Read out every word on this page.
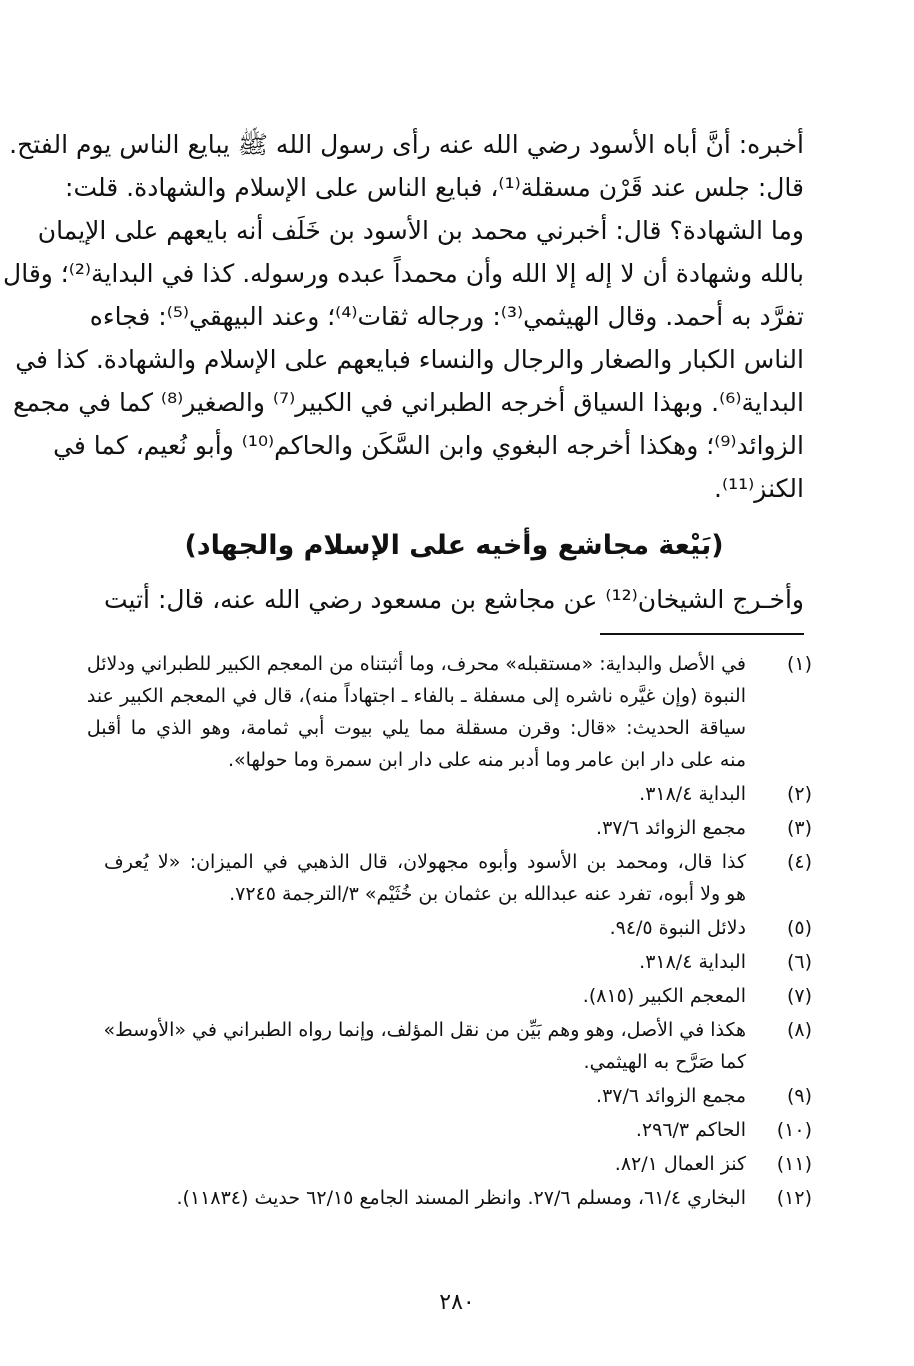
أخبره: أنَّ أباه الأسود رضي الله عنه رأى رسول الله ﷺ يبايع الناس يوم الفتح.
قال: جلس عند قَرْن مسقلة⁽¹⁾، فبايع الناس على الإسلام والشهادة. قلت:
وما الشهادة؟ قال: أخبرني محمد بن الأسود بن خَلَف أنه بايعهم على الإيمان
بالله وشهادة أن لا إله إلا الله وأن محمداً عبده ورسوله. كذا في البداية⁽²⁾؛ وقال
تفرَّد به أحمد. وقال الهيثمي⁽³⁾: ورجاله ثقات⁽⁴⁾؛ وعند البيهقي⁽⁵⁾: فجاءه
الناس الكبار والصغار والرجال والنساء فبايعهم على الإسلام والشهادة. كذا في
البداية⁽⁶⁾. وبهذا السياق أخرجه الطبراني في الكبير⁽⁷⁾ والصغير⁽⁸⁾ كما في مجمع
الزوائد⁽⁹⁾؛ وهكذا أخرجه البغوي وابن السَّكَن والحاكم⁽¹⁰⁾ وأبو نُعيم، كما في
الكنز⁽¹¹⁾.
(بَيْعة مجاشع وأخيه على الإسلام والجهاد)
وأخـرج الشيخان⁽¹²⁾ عن مجاشع بن مسعود رضي الله عنه، قال: أتيت
(١)
في الأصل والبداية: «مستقبله» محرف، وما أثبتناه من المعجم الكبير للطبراني ودلائل
النبوة (وإن غيَّره ناشره إلى مسفلة ـ بالفاء ـ اجتهاداً منه)، قال في المعجم الكبير عند
سياقة الحديث: «قال: وقرن مسقلة مما يلي بيوت أبي ثمامة، وهو الذي ما أقبل
منه على دار ابن عامر وما أدبر منه على دار ابن سمرة وما حولها».
(٢)
البداية ٣١٨/٤.
(٣)
مجمع الزوائد ٣٧/٦.
(٤)
كذا قال، ومحمد بن الأسود وأبوه مجهولان، قال الذهبي في الميزان: «لا يُعرف
هو ولا أبوه، تفرد عنه عبدالله بن عثمان بن خُثَيْم» ٣/الترجمة ٧٢٤٥.
(٥)
دلائل النبوة ٩٤/٥.
(٦)
البداية ٣١٨/٤.
(٧)
المعجم الكبير (٨١٥).
(٨)
هكذا في الأصل، وهو وهم بَيِّن من نقل المؤلف، وإنما رواه الطبراني في «الأوسط»
كما صَرَّح به الهيثمي.
(٩)
مجمع الزوائد ٣٧/٦.
(١٠)
الحاكم ٢٩٦/٣.
(١١)
كنز العمال ٨٢/١.
(١٢)
البخاري ٦١/٤، ومسلم ٢٧/٦. وانظر المسند الجامع ٦٢/١٥ حديث (١١٨٣٤).
٢٨٠
